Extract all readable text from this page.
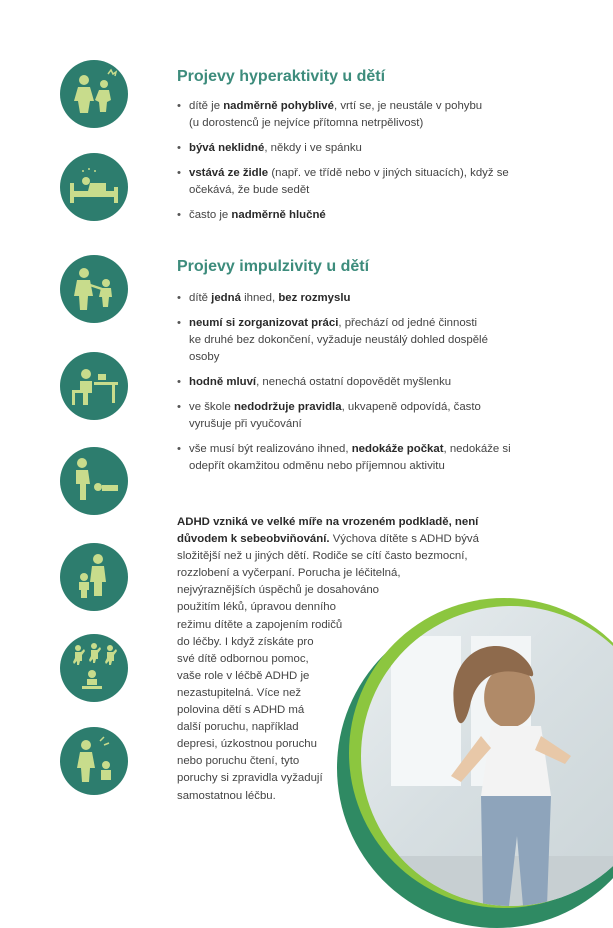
Projevy hyperaktivity u dětí
• dítě je nadměrně pohyblivé, vrtí se, je neustále v pohybu
(u dorostenců je nejvíce přítomna netrpělivost)
• bývá neklidné, někdy i ve spánku
• vstává ze židle (např. ve třídě nebo v jiných situacích), když se
očekává, že bude sedět
• často je nadměrně hlučné
Projevy impulzivity u dětí
• dítě jedná ihned, bez rozmyslu
• neumí si zorganizovat práci, přechází od jedné činnosti
ke druhé bez dokončení, vyžaduje neustálý dohled dospělé
osoby
• hodně mluví, nenechá ostatní dopovědět myšlenku
• ve škole nedodržuje pravidla, ukvapeně odpovídá, často
vyrušuje při vyučování
• vše musí být realizováno ihned, nedokáže počkat, nedokáže si
odepřít okamžitou odměnu nebo příjemnou aktivitu

ADHD vzniká ve velké míře na vrozeném podkladě, není
důvodem k sebeobviňování. Výchova dítěte s ADHD bývá
složitější než u jiných dětí. Rodiče se cítí často bezmocní,
rozzlobení a vyčerpaní. Porucha je léčitelná,
nejvýraznějších úspěchů je dosahováno
použitím léků, úpravou denního
režimu dítěte a zapojením rodičů
do léčby. I když získáte pro
své dítě odbornou pomoc,
vaše role v léčbě ADHD je
nezastupitelná. Více než
polovina dětí s ADHD má
další poruchu, například
depresi, úzkostnou poruchu
nebo poruchu čtení, tyto
poruchy si zpravidla vyžadují
samostatnou léčbu.
